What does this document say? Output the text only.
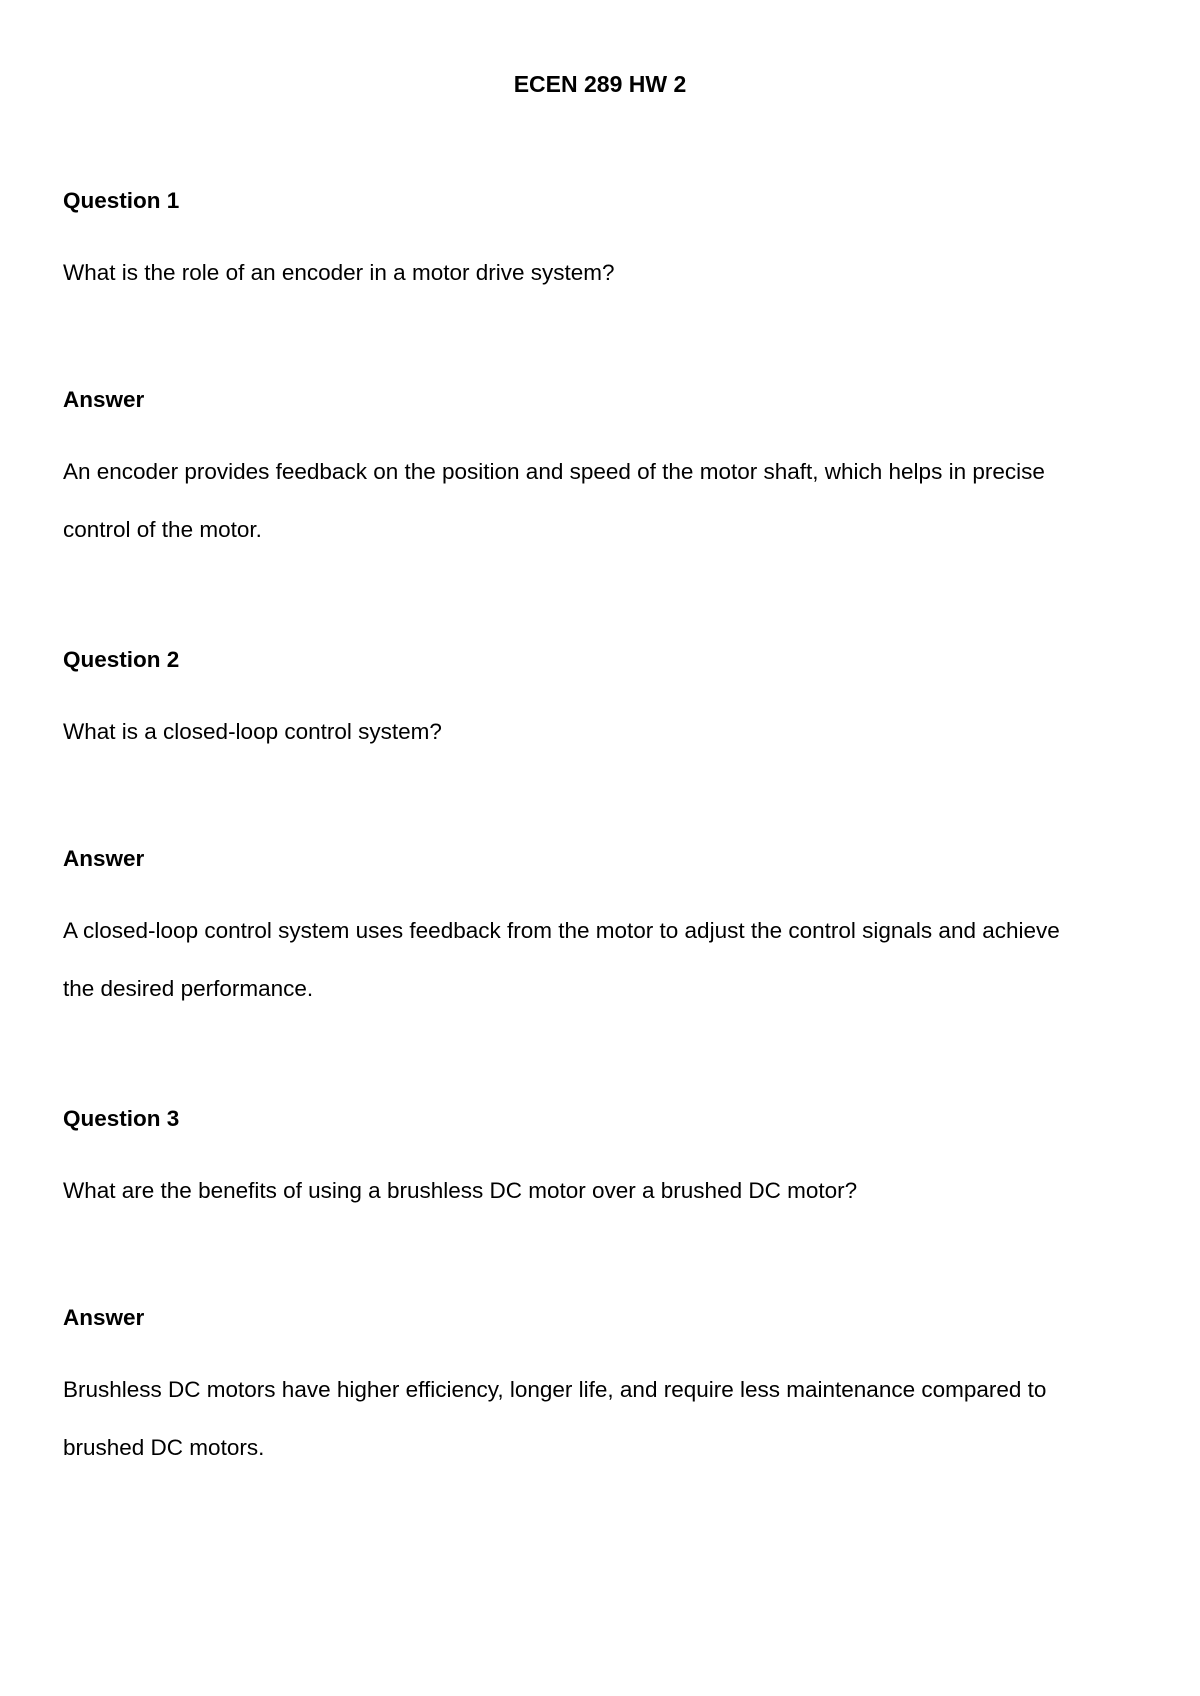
ECEN 289 HW 2

Question 1

What is the role of an encoder in a motor drive system?

Answer

An encoder provides feedback on the position and speed of the motor shaft, which helps in precise

control of the motor.

Question 2

What is a closed-loop control system?

Answer

A closed-loop control system uses feedback from the motor to adjust the control signals and achieve

the desired performance.

Question 3

What are the benefits of using a brushless DC motor over a brushed DC motor?

Answer

Brushless DC motors have higher efficiency, longer life, and require less maintenance compared to

brushed DC motors.
